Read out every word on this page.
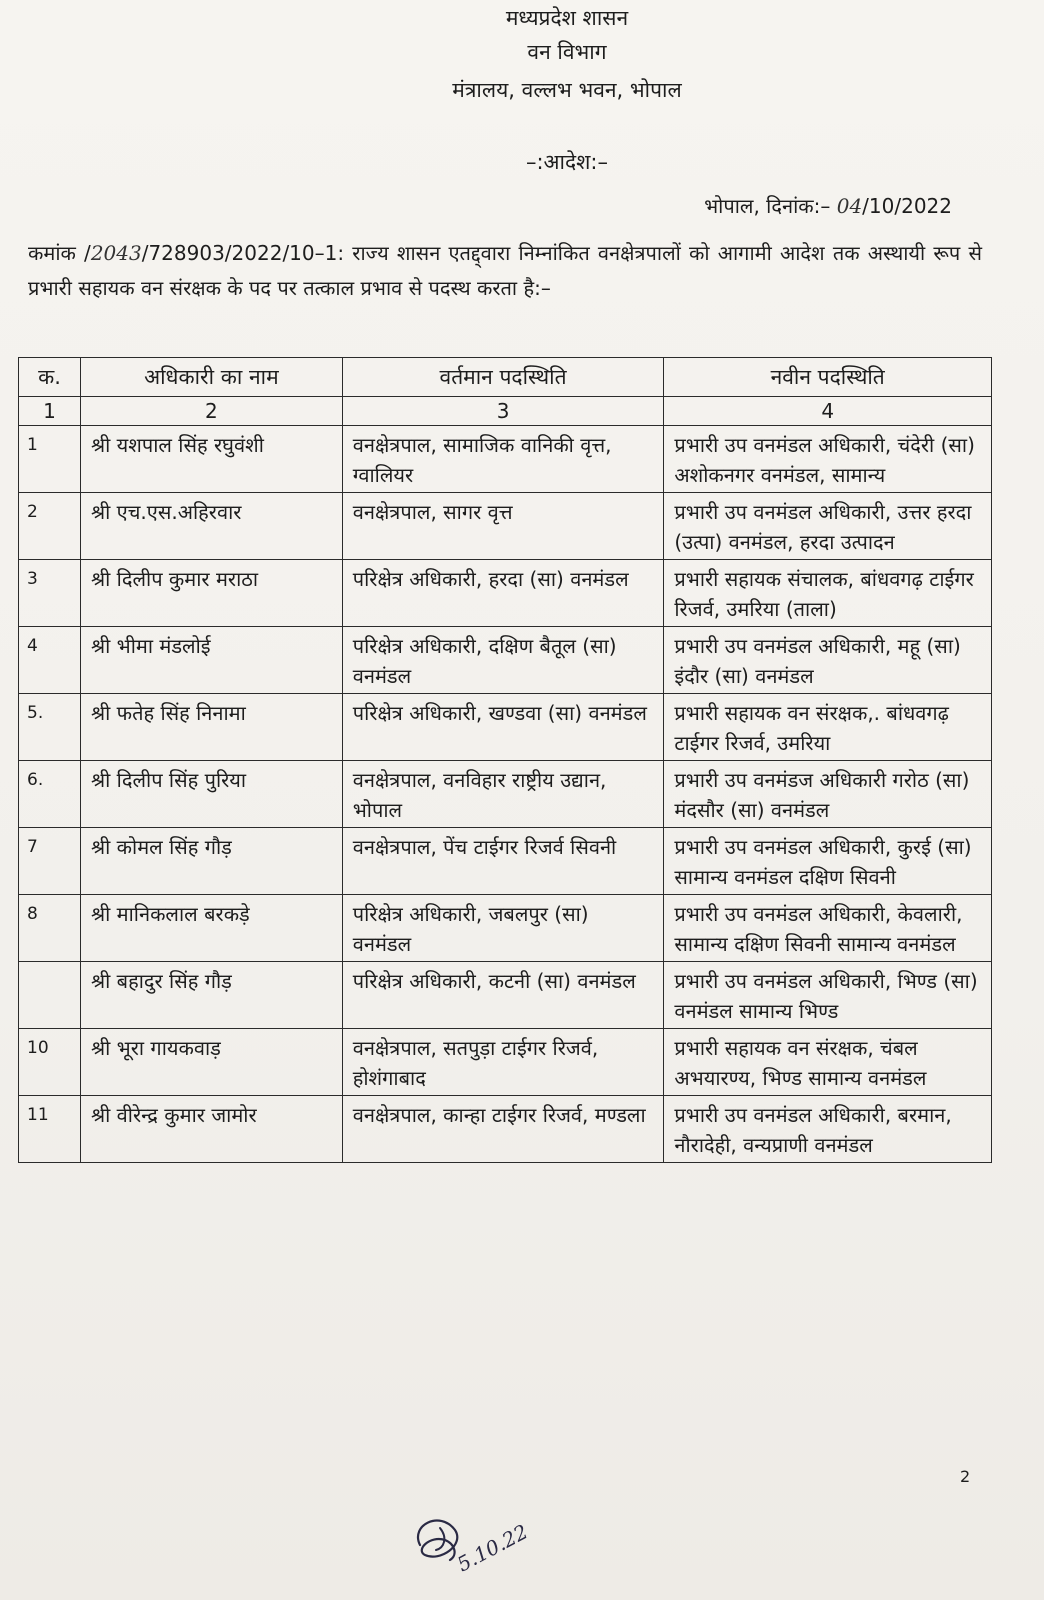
मध्यप्रदेश शासन
वन विभाग
मंत्रालय, वल्लभ भवन, भोपाल
–:आदेश:–
भोपाल, दिनांक:– 04/10/2022
कमांक /2043/728903/2022/10–1: राज्य शासन एतद्द्वारा निम्नांकित वनक्षेत्रपालों को आगामी आदेश तक अस्थायी रूप से प्रभारी सहायक वन संरक्षक के पद पर तत्काल प्रभाव से पदस्थ करता है:–
क.	अधिकारी का नाम	वर्तमान पदस्थिति	नवीन पदस्थिति
1	2	3	4
1	श्री यशपाल सिंह रघुवंशी	वनक्षेत्रपाल, सामाजिक वानिकी वृत्त, ग्वालियर	प्रभारी उप वनमंडल अधिकारी, चंदेरी (सा) अशोकनगर वनमंडल, सामान्य
2	श्री एच.एस.अहिरवार	वनक्षेत्रपाल, सागर वृत्त	प्रभारी उप वनमंडल अधिकारी, उत्तर हरदा (उत्पा) वनमंडल, हरदा उत्पादन
3	श्री दिलीप कुमार मराठा	परिक्षेत्र अधिकारी, हरदा (सा) वनमंडल	प्रभारी सहायक संचालक, बांधवगढ़ टाईगर रिजर्व, उमरिया (ताला)
4	श्री भीमा मंडलोई	परिक्षेत्र अधिकारी, दक्षिण बैतूल (सा) वनमंडल	प्रभारी उप वनमंडल अधिकारी, महू (सा) इंदौर (सा) वनमंडल
5.	श्री फतेह सिंह निनामा	परिक्षेत्र अधिकारी, खण्डवा (सा) वनमंडल	प्रभारी सहायक वन संरक्षक,. बांधवगढ़ टाईगर रिजर्व, उमरिया
6.	श्री दिलीप सिंह पुरिया	वनक्षेत्रपाल, वनविहार राष्ट्रीय उद्यान, भोपाल	प्रभारी उप वनमंडज अधिकारी गरोठ (सा) मंदसौर (सा) वनमंडल
7	श्री कोमल सिंह गौड़	वनक्षेत्रपाल, पेंच टाईगर रिजर्व सिवनी	प्रभारी उप वनमंडल अधिकारी, कुरई (सा) सामान्य वनमंडल दक्षिण सिवनी
8	श्री मानिकलाल बरकड़े	परिक्षेत्र अधिकारी, जबलपुर (सा) वनमंडल	प्रभारी उप वनमंडल अधिकारी, केवलारी, सामान्य दक्षिण सिवनी सामान्य वनमंडल
	श्री बहादुर सिंह गौड़	परिक्षेत्र अधिकारी, कटनी (सा) वनमंडल	प्रभारी उप वनमंडल अधिकारी, भिण्ड (सा) वनमंडल सामान्य भिण्ड
10	श्री भूरा गायकवाड़	वनक्षेत्रपाल, सतपुड़ा टाईगर रिजर्व, होशंगाबाद	प्रभारी सहायक वन संरक्षक, चंबल अभयारण्य, भिण्ड सामान्य वनमंडल
11	श्री वीरेन्द्र कुमार जामोर	वनक्षेत्रपाल, कान्हा टाईगर रिजर्व, मण्डला	प्रभारी उप वनमंडल अधिकारी, बरमान, नौरादेही, वन्यप्राणी वनमंडल
2
5.10.22
